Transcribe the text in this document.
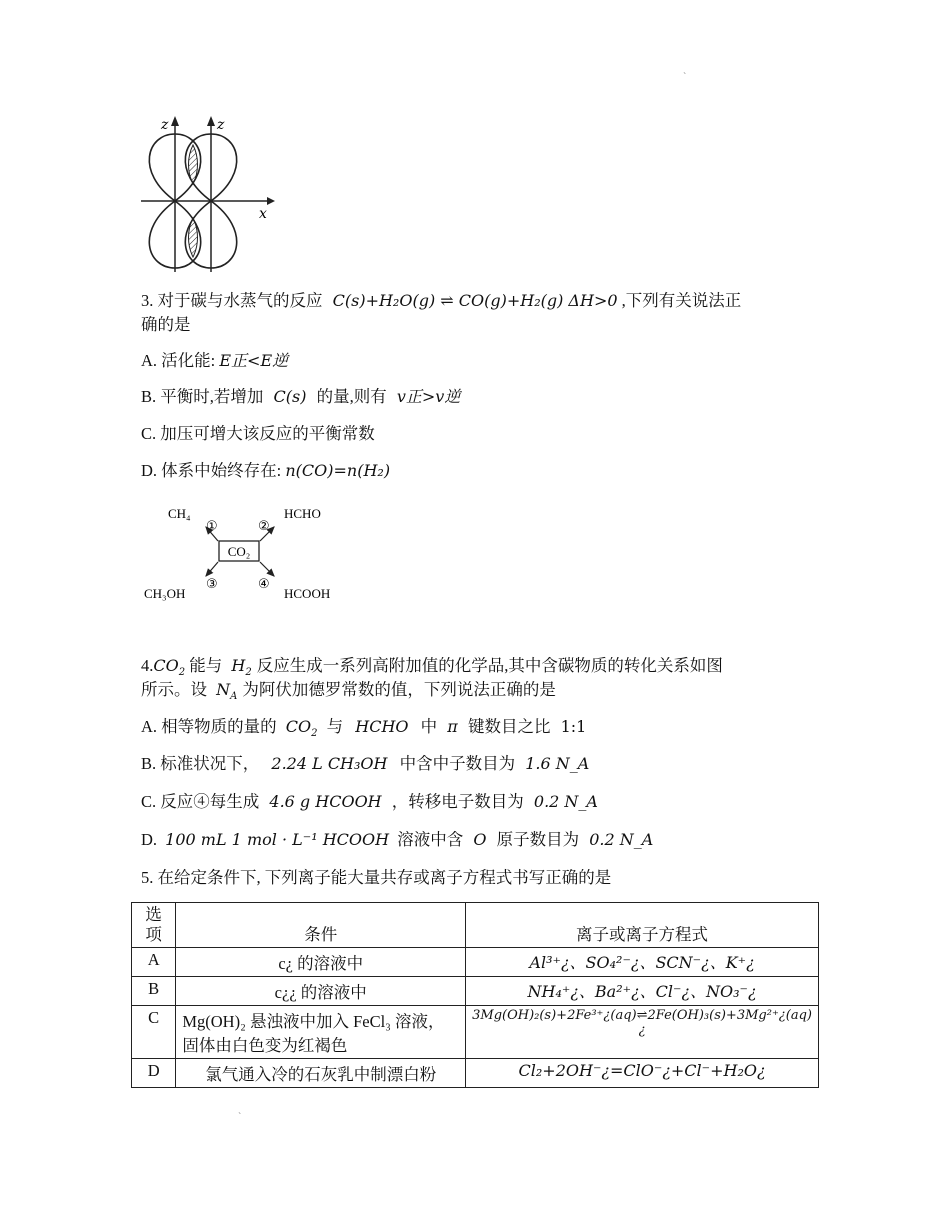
`
`
z	z
x
3. 对于碳与水蒸气的反应 C(s)+H₂O(g) ⇌ CO(g)+H₂(g) ΔH>0 ,下列有关说法正
确的是
A. 活化能: E正<E逆
B. 平衡时,若增加 C(s) 的量,则有 v正>v逆
C. 加压可增大该反应的平衡常数
D. 体系中始终存在: n(CO)=n(H₂)
CO₂
CH₄	HCHO
CH₃OH	HCOOH
①	②
③	④
$4.CO_2$ 能与 $H_2$ 反应生成一系列高附加值的化学品,其中含碳物质的转化关系如图
所示。设 $N_A$ 为阿伏加德罗常数的值，下列说法正确的是
A. 相等物质的量的 $CO_2$ 与 HCHO 中 π 键数目之比 1:1
B. 标准状况下， 2.24 L CH₃OH 中含中子数目为 1.6 N_A
C. 反应④每生成 4.6 g HCOOH ，转移电子数目为 0.2 N_A
D. 100 mL 1 mol · L⁻¹ HCOOH 溶液中含 O 原子数目为 0.2 N_A
5. 在给定条件下, 下列离子能大量共存或离子方程式书写正确的是
选项	条件	离子或离子方程式
A	c¿ 的溶液中	Al³⁺¿、SO₄²⁻¿、SCN⁻¿、K⁺¿
B	c¿¿ 的溶液中	NH₄⁺¿、Ba²⁺¿、Cl⁻¿、NO₃⁻¿
C	Mg(OH)₂ 悬浊液中加入 FeCl₃ 溶液，固体由白色变为红褐色	3Mg(OH)₂(s)+2Fe³⁺¿(aq)⇌2Fe(OH)₃(s)+3Mg²⁺¿(aq)¿
D	氯气通入冷的石灰乳中制漂白粉	Cl₂+2OH⁻¿=ClO⁻¿+Cl⁻+H₂O¿
